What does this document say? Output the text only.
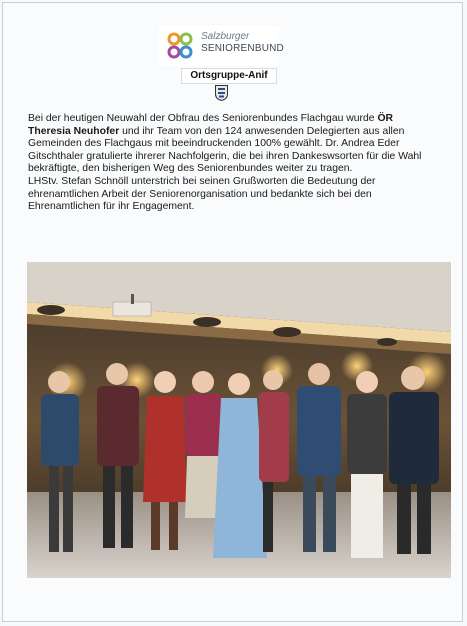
Salzburger
SENIORENBUND
Ortsgruppe-Anif

Bei der heutigen Neuwahl der Obfrau des Seniorenbundes Flachgau wurde ÖR Theresia Neuhofer und ihr Team von den 124 anwesenden Delegierten aus allen Gemeinden des Flachgaus mit beeindruckenden 100% gewählt. Dr. Andrea Eder Gitschthaler gratulierte ihrerer Nachfolgerin, die bei ihren Dankeswsorten für die Wahl bekräftigte, den bisherigen Weg des Seniorenbundes weiter zu tragen.

LHStv. Stefan Schnöll unterstrich bei seinen Grußworten die Bedeutung der ehrenamtlichen Arbeit der Seniorenorganisation und bedankte sich bei den Ehrenamtlichen für ihr Engagement.
